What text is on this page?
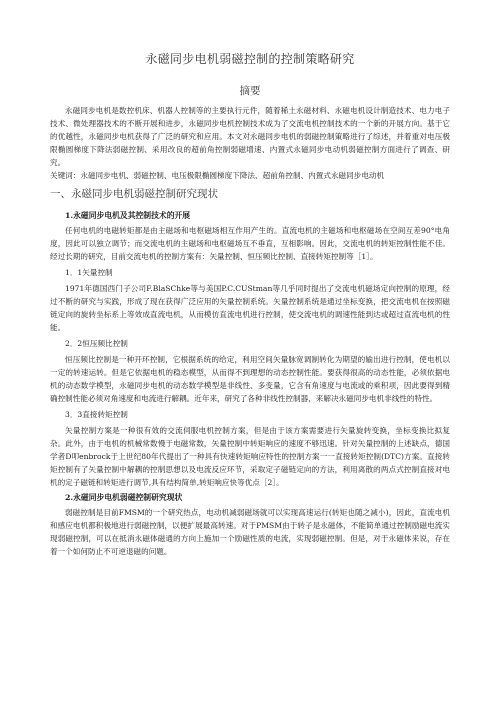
永磁同步电机弱磁控制的控制策略研究
摘要

永磁同步电机是数控机床、机器人控制等的主要执行元件，随着稀土永磁材料、永磁电机设计制造技术、电力电子技术、微处理器技术的不断开展和进步，永磁同步电机控制技术成为了交流电机控制技术的一个新的开展方向。基于它的优越性，永磁同步电机获得了广泛的研究和应用。本文对永磁同步电机的弱磁控制策略进行了综述，并着重对电压极限椭圆梯度下降法弱磁控制、采用改良的超前角控制弱磁增速、内置式永磁同步电动机弱磁控制方面进行了调查、研究。

关键词：永磁同步电机、弱磁控制、电压极限椭圆梯度下降法、超前角控制、内置式永磁同步电动机

一、永磁同步电机弱磁控制研究现状
1.永磁同步电机及其控制技术的开展

任何电机的电磁转矩都是由主磁场和电枢磁场相互作用产生的。直流电机的主磁场和电枢磁场在空间互差90°电角度，因此可以独立调节；而交流电机的主磁场和电枢磁场互不垂直，互相影响。因此，交流电机的转矩控制性能不佳。经过长期的研究，目前交流电机的控制方案有：矢量控制、恒压频比控制、直接转矩控制等［1］。

1．1矢量控制

1971年德国西门子公司F.BlaSChke等与美国P.C.CUStman等几乎同时提出了交流电机磁场定向控制的原理，经过不断的研究与实践，形成了现在获得广泛应用的矢量控制系统。矢量控制系统是通过坐标变换，把交流电机在按照磁链定向的旋转坐标系上等效成直流电机，从而模仿直流电机进行控制，使交流电机的调速性能到达或超过直流电机的性能。

2．2恒压频比控制

恒压频比控制是一种开环控制，它根据系统的给定，利用空间矢量脉宽调制转化为期望的输出进行控制，使电机以一定的转速运转。但是它依据电机的稳态模型，从而得不到理想的动态控制性能。要获得很高的动态性能，必须依据电机的动态数学模型，永磁同步电机的动态数学模型是非线性、多变量，它含有角速度与电流或的乘积项，因此要得到精确控制性能必须对角速度和电流进行解耦。近年来，研究了各种非线性控制器，来解决永磁同步电机非线性的特性。

3．3直接转矩控制

矢量控制方案是一种很有效的交流伺服电机控制方案，但是由于该方案需要进行矢量旋转变换，坐标变换比拟复杂。此外，由于电机的机械常数慢于电磁常数，矢量控制中转矩响应的速度不够迅速。针对矢量控制的上述缺点，德国学者D叩enbrock于上世纪80年代提出了一种具有快速转矩响应特性的控制方案一一直接转矩控制(DTC)方案。直接转矩控制有了矢量控制中解耦的控制思想以及电流反应环节，采取定子磁链定向的方法，利用离散的两点式控制直接对电机的定子磁链和转矩进行调节,具有结构简单,转矩响应快等优点［2］。

2.永磁同步电机弱磁控制研究现状

弱磁控制是目前FMSM的一个研究热点，电动机减弱磁场就可以实现高速运行(转矩也随之减小)，因此，直流电机和感应电机都积极地进行弱磁控制，以便扩展最高转速。对于PMSM由于转子是永磁体，不能简单通过控制励磁电流实现弱磁控制，可以在抵消永磁体磁通的方向上施加一个励磁性质的电流，实现弱磁控制。但是，对于永磁体来说，存在着一个如何防止不可逆退磁的问题。
